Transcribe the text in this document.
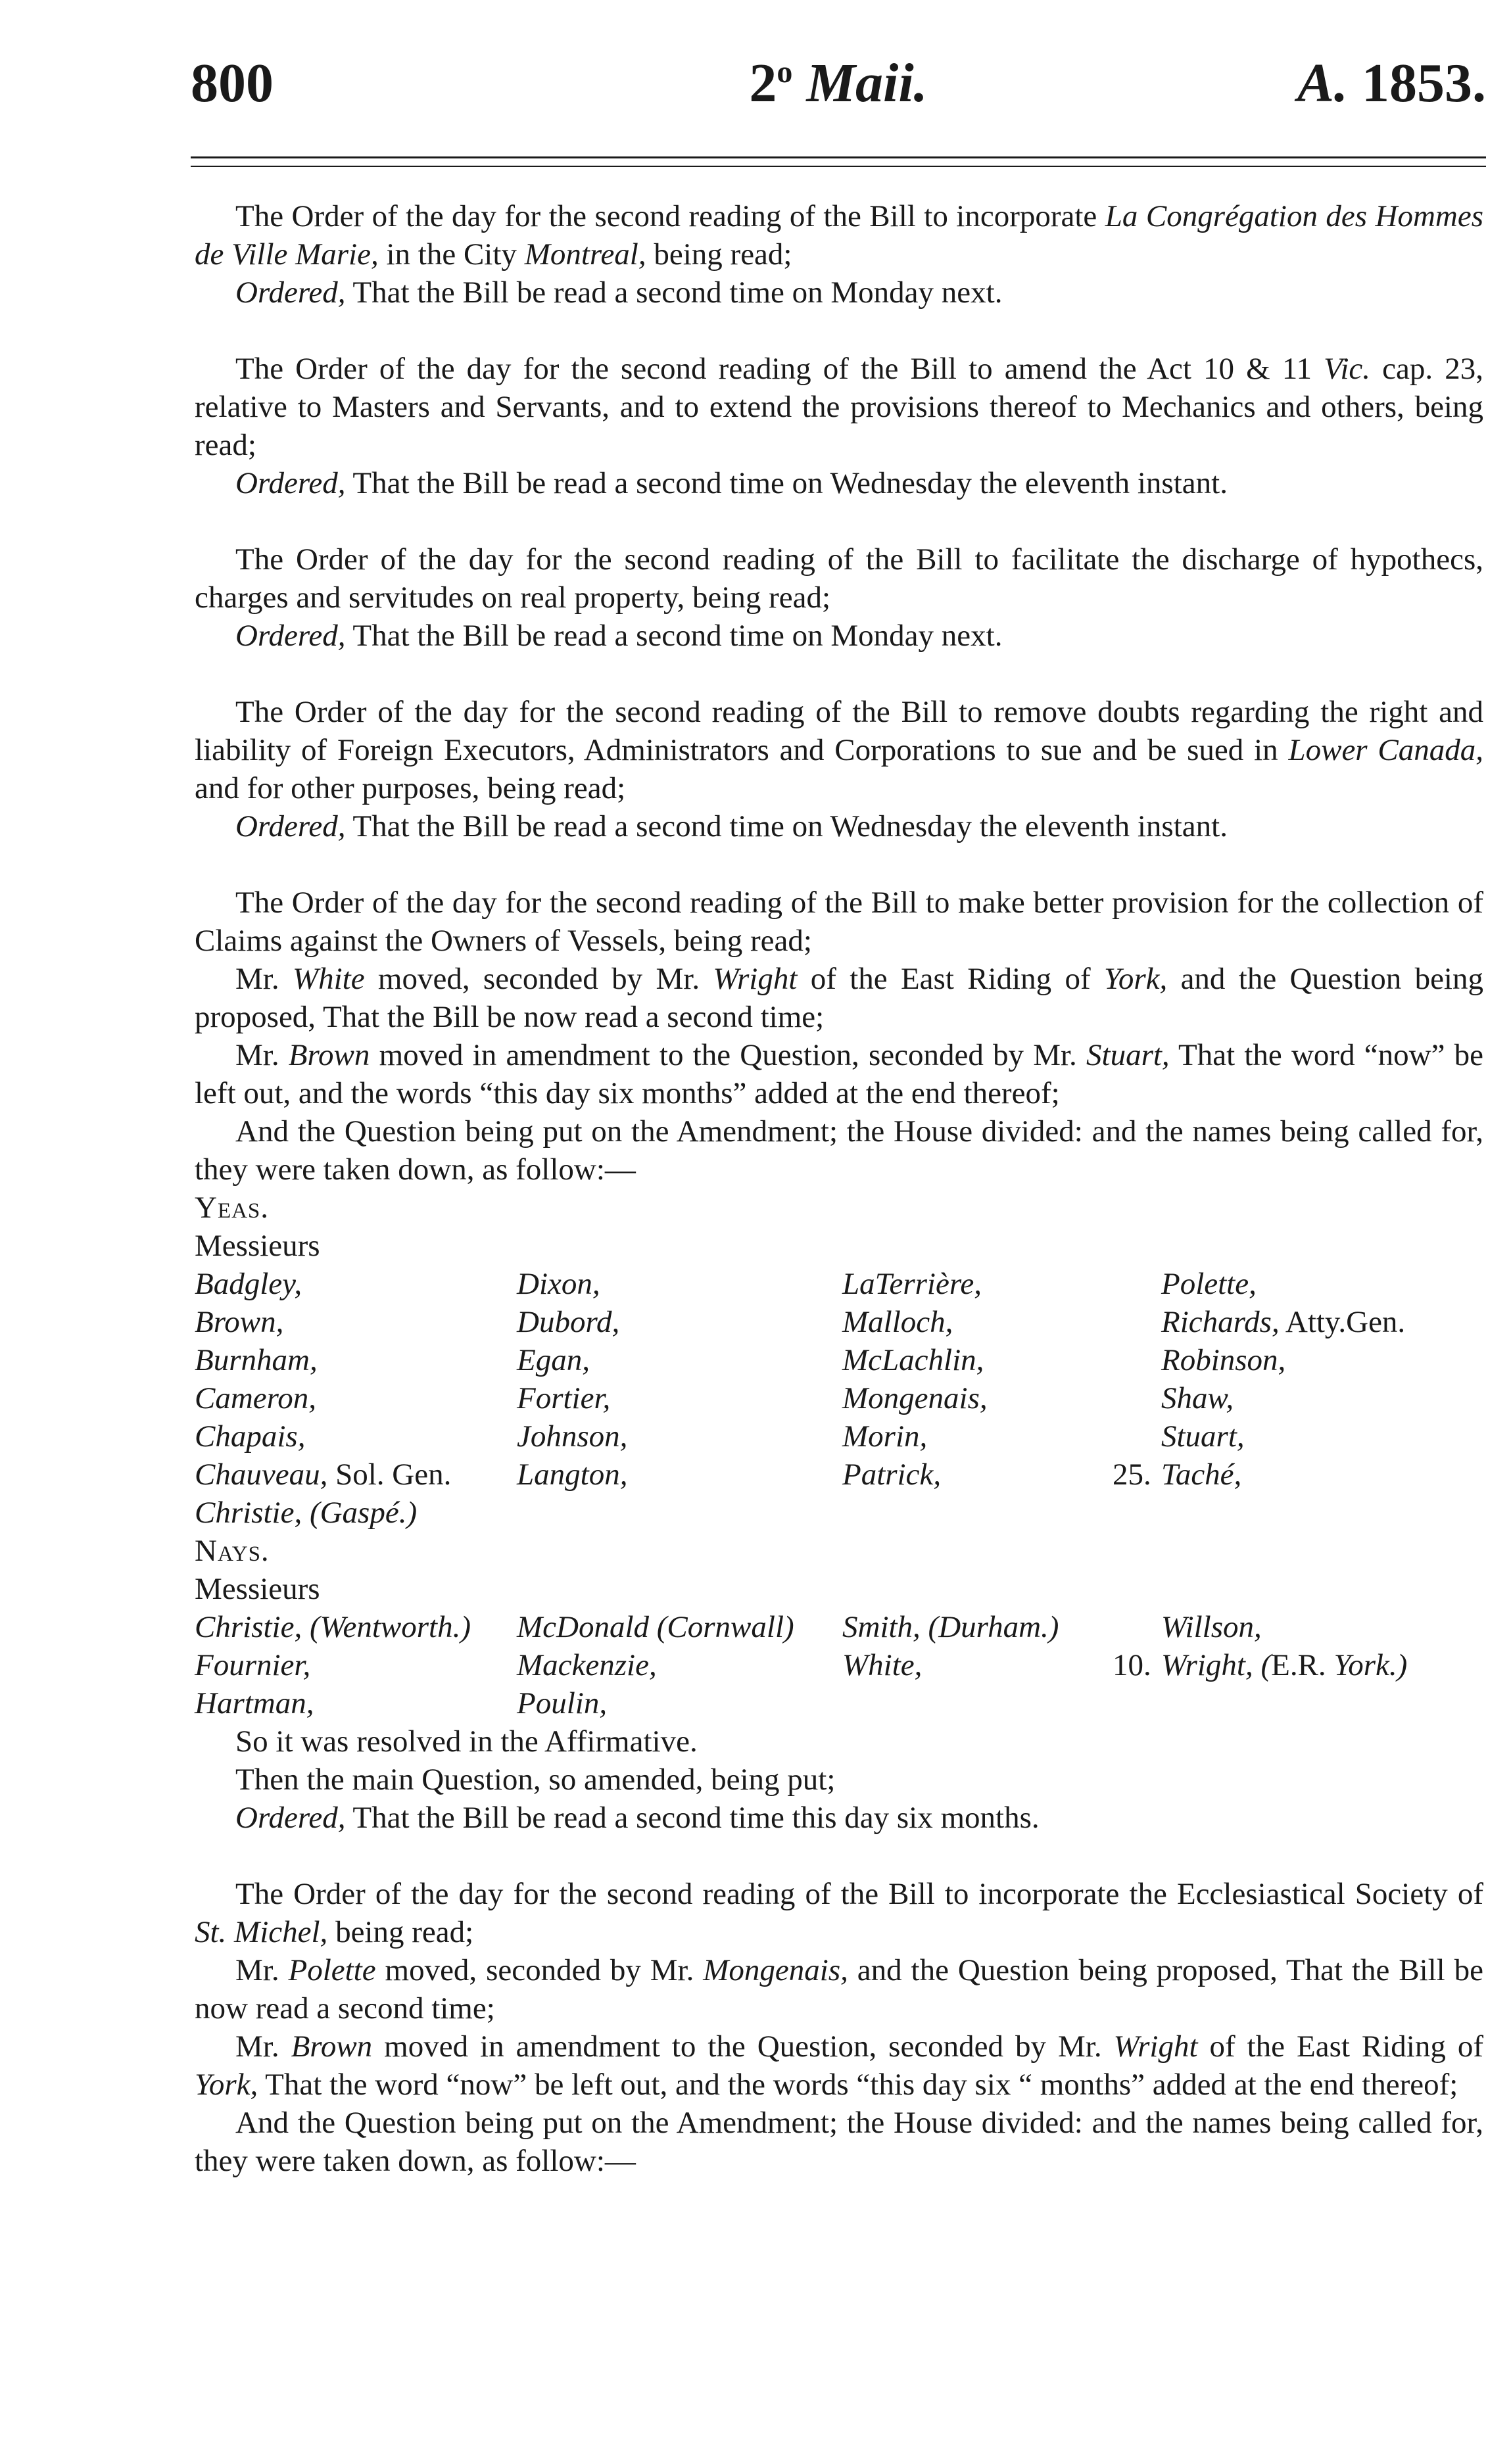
800	2$^o$ Maii.	A. 1853.

The Order of the day for the second reading of the Bill to incorporate La Congrégation des Hommes de Ville Marie, in the City Montreal, being read;

Ordered, That the Bill be read a second time on Monday next.

The Order of the day for the second reading of the Bill to amend the Act 10 & 11 Vic. cap. 23, relative to Masters and Servants, and to extend the provisions thereof to Mechanics and others, being read;

Ordered, That the Bill be read a second time on Wednesday the eleventh instant.

The Order of the day for the second reading of the Bill to facilitate the discharge of hypothecs, charges and servitudes on real property, being read;

Ordered, That the Bill be read a second time on Monday next.

The Order of the day for the second reading of the Bill to remove doubts regarding the right and liability of Foreign Executors, Administrators and Corporations to sue and be sued in Lower Canada, and for other purposes, being read;

Ordered, That the Bill be read a second time on Wednesday the eleventh instant.

The Order of the day for the second reading of the Bill to make better provision for the collection of Claims against the Owners of Vessels, being read;

Mr. White moved, seconded by Mr. Wright of the East Riding of York, and the Question being proposed, That the Bill be now read a second time;

Mr. Brown moved in amendment to the Question, seconded by Mr. Stuart, That the word “now” be left out, and the words “this day six months” added at the end thereof;

And the Question being put on the Amendment; the House divided: and the names being called for, they were taken down, as follow:—

Yeas.

Messieurs

Badgley,
Brown,
Burnham,
Cameron,
Chapais,
Chauveau, Sol. Gen.
Dixon,
Dubord,
Egan,
Fortier,
Johnson,
Langton,
LaTerrière,
Malloch,
McLachlin,
Mongenais,
Morin,
Patrick,
Polette,
Richards, Atty.Gen.
Robinson,
Shaw,
Stuart,
Taché,
25.

Christie, (Gaspé.)

Nays.

Messieurs

Christie, (Wentworth.)
Fournier,
Hartman,
McDonald (Cornwall)
Mackenzie,
Poulin,
Smith, (Durham.)
White,
Willson,
Wright, (E.R. York.)
10.

So it was resolved in the Affirmative.

Then the main Question, so amended, being put;

Ordered, That the Bill be read a second time this day six months.

The Order of the day for the second reading of the Bill to incorporate the Ecclesiastical Society of St. Michel, being read;

Mr. Polette moved, seconded by Mr. Mongenais, and the Question being proposed, That the Bill be now read a second time;

Mr. Brown moved in amendment to the Question, seconded by Mr. Wright of the East Riding of York, That the word “now” be left out, and the words “this day six “ months” added at the end thereof;

And the Question being put on the Amendment; the House divided: and the names being called for, they were taken down, as follow:—
